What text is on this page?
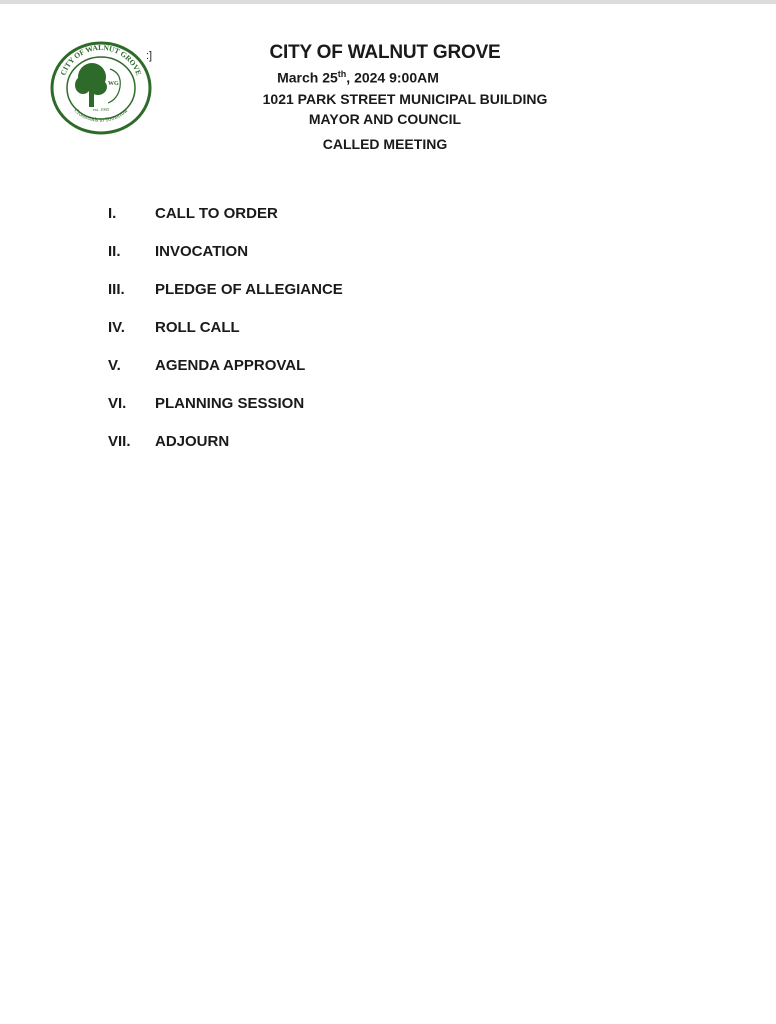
CITY OF WALNUT GROVE
Crossroads to Tomorrow
WG
est. 1905
:]	CITY OF WALNUT GROVE
March 25th, 2024 9:00AM
1021 PARK STREET MUNICIPAL BUILDING
MAYOR AND COUNCIL
CALLED MEETING
I.	CALL TO ORDER
II.	INVOCATION
III.	PLEDGE OF ALLEGIANCE
IV.	ROLL CALL
V.	AGENDA APPROVAL
VI.	PLANNING SESSION
VII.	ADJOURN
